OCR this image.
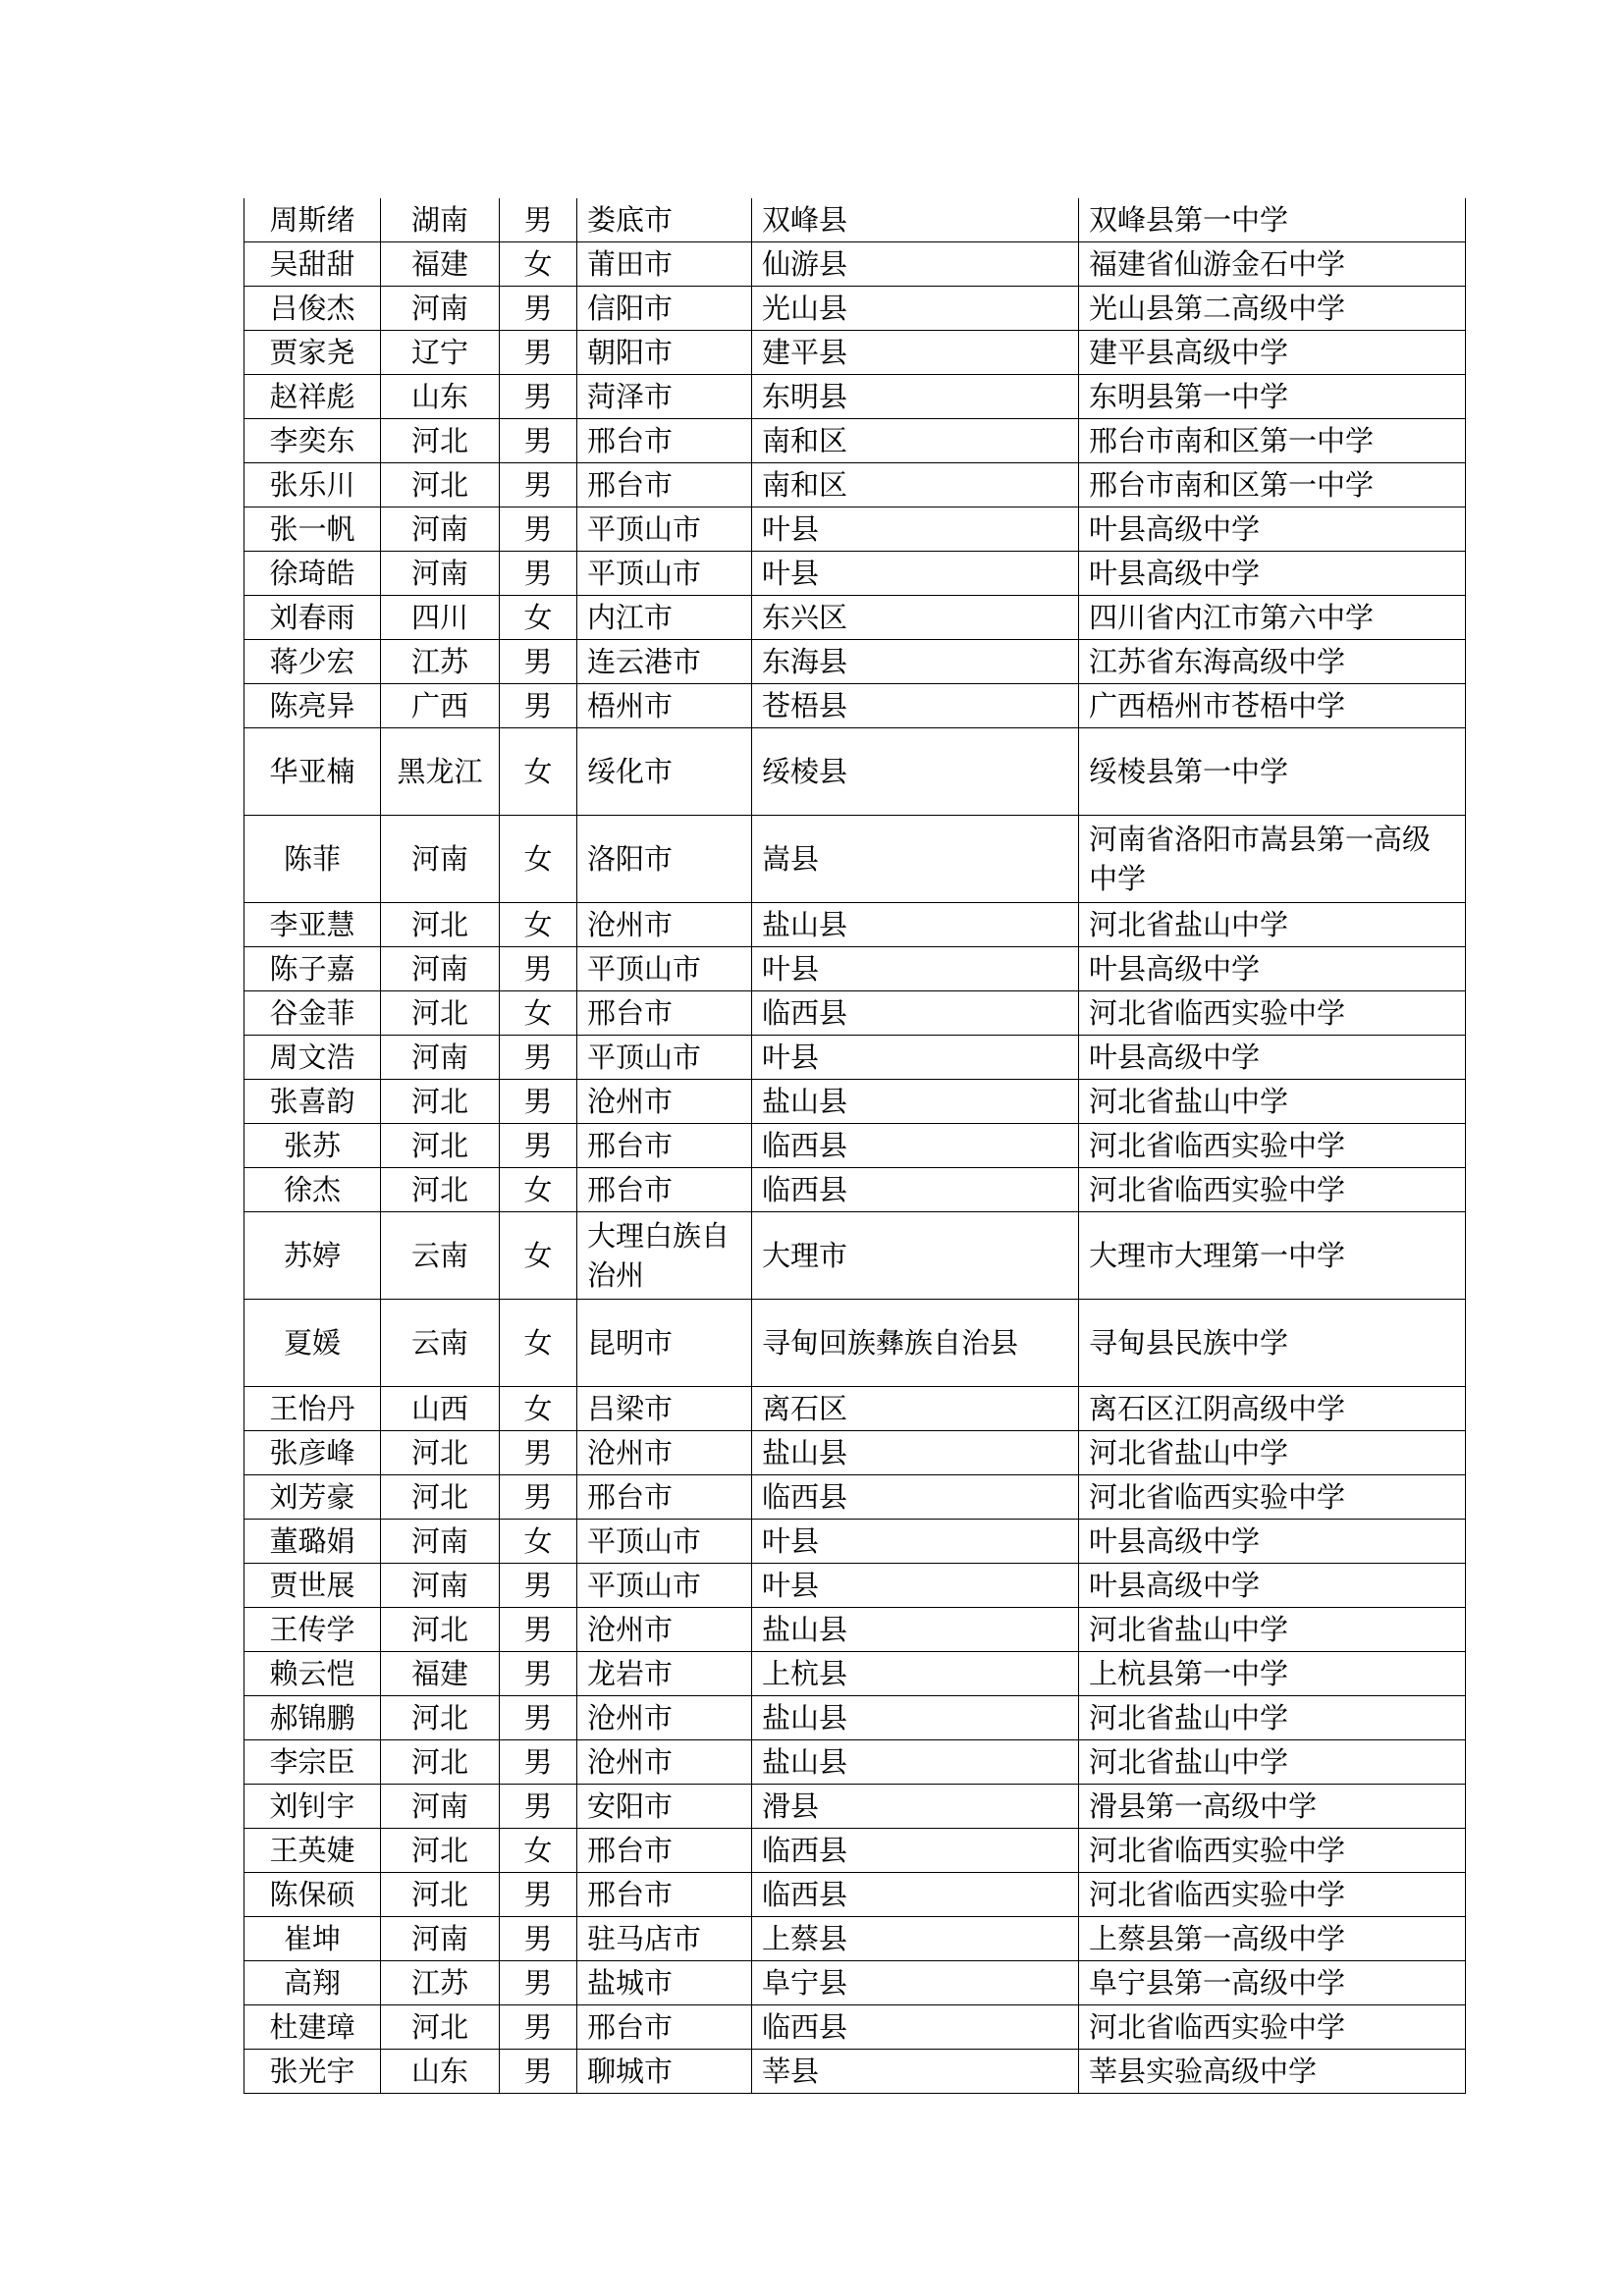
周斯绪	湖南	男	娄底市	双峰县	双峰县第一中学
吴甜甜	福建	女	莆田市	仙游县	福建省仙游金石中学
吕俊杰	河南	男	信阳市	光山县	光山县第二高级中学
贾家尧	辽宁	男	朝阳市	建平县	建平县高级中学
赵祥彪	山东	男	菏泽市	东明县	东明县第一中学
李奕东	河北	男	邢台市	南和区	邢台市南和区第一中学
张乐川	河北	男	邢台市	南和区	邢台市南和区第一中学
张一帆	河南	男	平顶山市	叶县	叶县高级中学
徐琦皓	河南	男	平顶山市	叶县	叶县高级中学
刘春雨	四川	女	内江市	东兴区	四川省内江市第六中学
蒋少宏	江苏	男	连云港市	东海县	江苏省东海高级中学
陈亮异	广西	男	梧州市	苍梧县	广西梧州市苍梧中学
华亚楠	黑龙江	女	绥化市	绥棱县	绥棱县第一中学
陈菲	河南	女	洛阳市	嵩县	河南省洛阳市嵩县第一高级中学
李亚慧	河北	女	沧州市	盐山县	河北省盐山中学
陈子嘉	河南	男	平顶山市	叶县	叶县高级中学
谷金菲	河北	女	邢台市	临西县	河北省临西实验中学
周文浩	河南	男	平顶山市	叶县	叶县高级中学
张喜韵	河北	男	沧州市	盐山县	河北省盐山中学
张苏	河北	男	邢台市	临西县	河北省临西实验中学
徐杰	河北	女	邢台市	临西县	河北省临西实验中学
苏婷	云南	女	大理白族自治州	大理市	大理市大理第一中学
夏媛	云南	女	昆明市	寻甸回族彝族自治县	寻甸县民族中学
王怡丹	山西	女	吕梁市	离石区	离石区江阴高级中学
张彦峰	河北	男	沧州市	盐山县	河北省盐山中学
刘芳豪	河北	男	邢台市	临西县	河北省临西实验中学
董璐娟	河南	女	平顶山市	叶县	叶县高级中学
贾世展	河南	男	平顶山市	叶县	叶县高级中学
王传学	河北	男	沧州市	盐山县	河北省盐山中学
赖云恺	福建	男	龙岩市	上杭县	上杭县第一中学
郝锦鹏	河北	男	沧州市	盐山县	河北省盐山中学
李宗臣	河北	男	沧州市	盐山县	河北省盐山中学
刘钊宇	河南	男	安阳市	滑县	滑县第一高级中学
王英婕	河北	女	邢台市	临西县	河北省临西实验中学
陈保硕	河北	男	邢台市	临西县	河北省临西实验中学
崔坤	河南	男	驻马店市	上蔡县	上蔡县第一高级中学
高翔	江苏	男	盐城市	阜宁县	阜宁县第一高级中学
杜建璋	河北	男	邢台市	临西县	河北省临西实验中学
张光宇	山东	男	聊城市	莘县	莘县实验高级中学
